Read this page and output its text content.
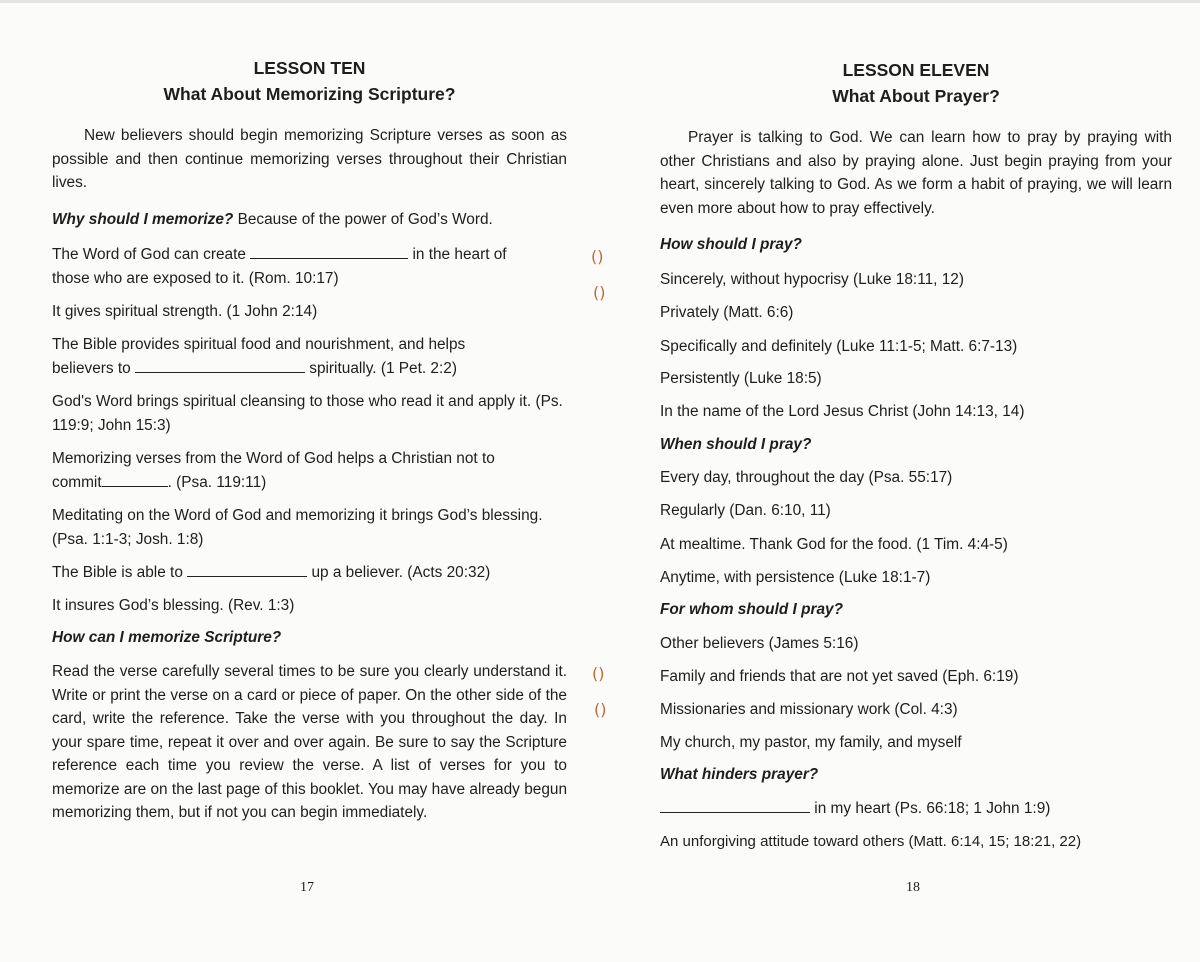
LESSON TEN
What About Memorizing Scripture?

New believers should begin memorizing Scripture verses as soon as possible and then continue memorizing verses throughout their Christian lives.

Why should I memorize? Because of the power of God’s Word.

The Word of God can create	in the heart of
those who are exposed to it. (Rom. 10:17)

It gives spiritual strength. (1 John 2:14)

The Bible provides spiritual food and nourishment, and helps
believers to	spiritually. (1 Pet. 2:2)

God's Word brings spiritual cleansing to those who read it and apply it. (Ps. 119:9; John 15:3)

Memorizing verses from the Word of God helps a Christian not to
commit	. (Psa. 119:11)

Meditating on the Word of God and memorizing it brings God’s blessing. (Psa. 1:1-3; Josh. 1:8)

The Bible is able to	up a believer. (Acts 20:32)

It insures God’s blessing. (Rev. 1:3)

How can I memorize Scripture?

Read the verse carefully several times to be sure you clearly understand it. Write or print the verse on a card or piece of paper. On the other side of the card, write the reference. Take the verse with you throughout the day. In your spare time, repeat it over and over again. Be sure to say the Scripture reference each time you review the verse. A list of verses for you to memorize are on the last page of this booklet. You may have already begun memorizing them, but if not you can begin immediately.

17
()
()
()
()
LESSON ELEVEN
What About Prayer?

Prayer is talking to God. We can learn how to pray by praying with other Christians and also by praying alone. Just begin praying from your heart, sincerely talking to God. As we form a habit of praying, we will learn even more about how to pray effectively.

How should I pray?

Sincerely, without hypocrisy (Luke 18:11, 12)

Privately (Matt. 6:6)

Specifically and definitely (Luke 11:1-5; Matt. 6:7-13)

Persistently (Luke 18:5)

In the name of the Lord Jesus Christ (John 14:13, 14)

When should I pray?

Every day, throughout the day (Psa. 55:17)

Regularly (Dan. 6:10, 11)

At mealtime. Thank God for the food. (1 Tim. 4:4-5)

Anytime, with persistence (Luke 18:1-7)

For whom should I pray?

Other believers (James 5:16)

Family and friends that are not yet saved (Eph. 6:19)

Missionaries and missionary work (Col. 4:3)

My church, my pastor, my family, and myself

What hinders prayer?

in my heart (Ps. 66:18; 1 John 1:9)

An unforgiving attitude toward others (Matt. 6:14, 15; 18:21, 22)

18
